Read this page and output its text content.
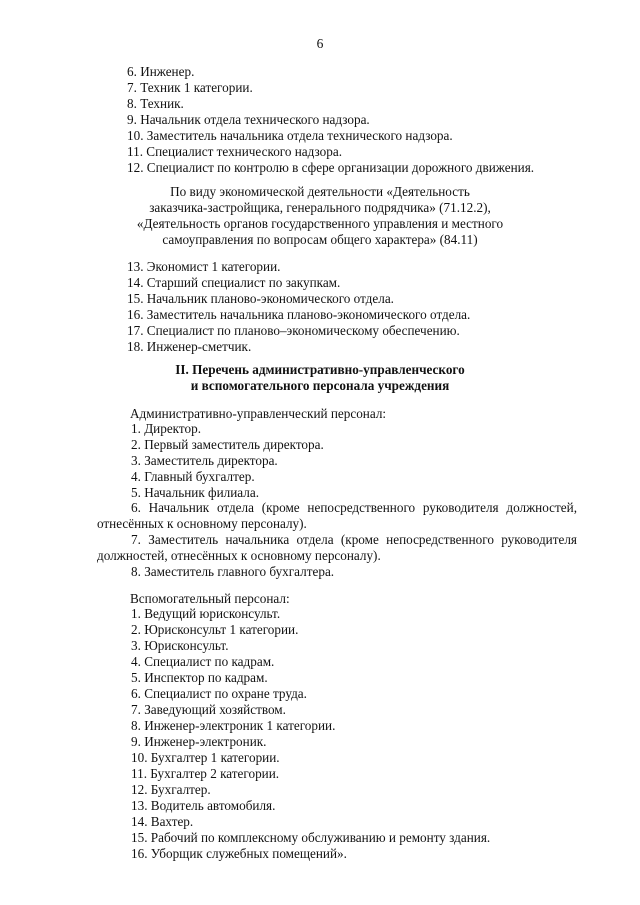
6
6. Инженер.
7. Техник 1 категории.
8. Техник.
9. Начальник отдела технического надзора.
10. Заместитель начальника отдела технического надзора.
11. Специалист технического надзора.
12. Специалист по контролю в сфере организации дорожного движения.
По виду экономической деятельности «Деятельность
заказчика-застройщика, генерального подрядчика» (71.12.2),
«Деятельность органов государственного управления и местного
самоуправления по вопросам общего характера» (84.11)
13. Экономист 1 категории.
14. Старший специалист по закупкам.
15. Начальник планово-экономического отдела.
16. Заместитель начальника планово-экономического отдела.
17. Специалист по планово–экономическому обеспечению.
18. Инженер-сметчик.
II. Перечень административно-управленческого
и вспомогательного персонала учреждения
Административно-управленческий персонал:
1. Директор.
2. Первый заместитель директора.
3. Заместитель директора.
4. Главный бухгалтер.
5. Начальник филиала.
6. Начальник отдела (кроме непосредственного руководителя должностей,
отнесённых к основному персоналу).
7. Заместитель начальника отдела (кроме непосредственного руководителя
должностей, отнесённых к основному персоналу).
8. Заместитель главного бухгалтера.
Вспомогательный персонал:
1. Ведущий юрисконсульт.
2. Юрисконсульт 1 категории.
3. Юрисконсульт.
4. Специалист по кадрам.
5. Инспектор по кадрам.
6. Специалист по охране труда.
7. Заведующий хозяйством.
8. Инженер-электроник 1 категории.
9. Инженер-электроник.
10. Бухгалтер 1 категории.
11. Бухгалтер 2 категории.
12. Бухгалтер.
13. Водитель автомобиля.
14. Вахтер.
15. Рабочий по комплексному обслуживанию и ремонту здания.
16. Уборщик служебных помещений».
